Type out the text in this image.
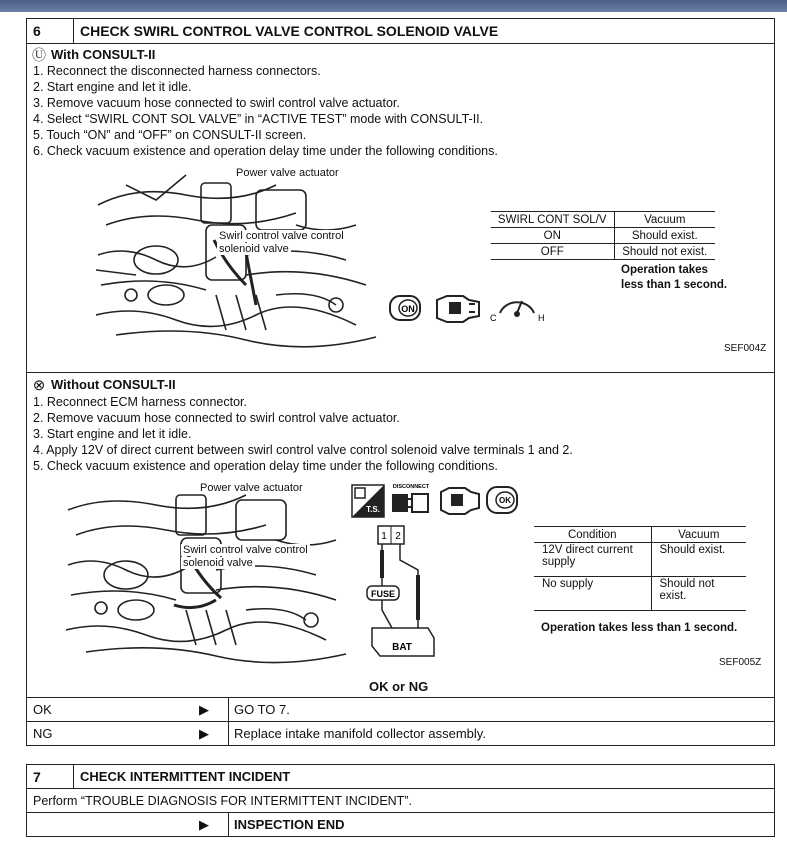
6	CHECK SWIRL CONTROL VALVE CONTROL SOLENOID VALVE
Ⓤ With CONSULT-II
1. Reconnect the disconnected harness connectors.
2. Start engine and let it idle.
3. Remove vacuum hose connected to swirl control valve actuator.
4. Select “SWIRL CONT SOL VALVE” in “ACTIVE TEST” mode with CONSULT-II.
5. Touch “ON” and “OFF” on CONSULT-II screen.
6. Check vacuum existence and operation delay time under the following conditions.
Power valve actuator
Swirl control valve control
solenoid valve
SWIRL CONT SOL/V	Vacuum
ON	Should exist.
OFF	Should not exist.
Operation takes
less than 1 second.
ON
C	H
SEF004Z
⊗ Without CONSULT-II
1. Reconnect ECM harness connector.
2. Remove vacuum hose connected to swirl control valve actuator.
3. Start engine and let it idle.
4. Apply 12V of direct current between swirl control valve control solenoid valve terminals 1 and 2.
5. Check vacuum existence and operation delay time under the following conditions.
Power valve actuator
Swirl control valve control
solenoid valve
T.S.
DISCONNECT
OK
1 2
FUSE
BAT
Condition	Vacuum
12V direct current supply	Should exist.
No supply	Should not exist.
Operation takes less than 1 second.
SEF005Z
OK or NG
OK	▶ GO TO 7.
NG	▶ Replace intake manifold collector assembly.
7	CHECK INTERMITTENT INCIDENT
Perform “TROUBLE DIAGNOSIS FOR INTERMITTENT INCIDENT”.
▶ INSPECTION END
